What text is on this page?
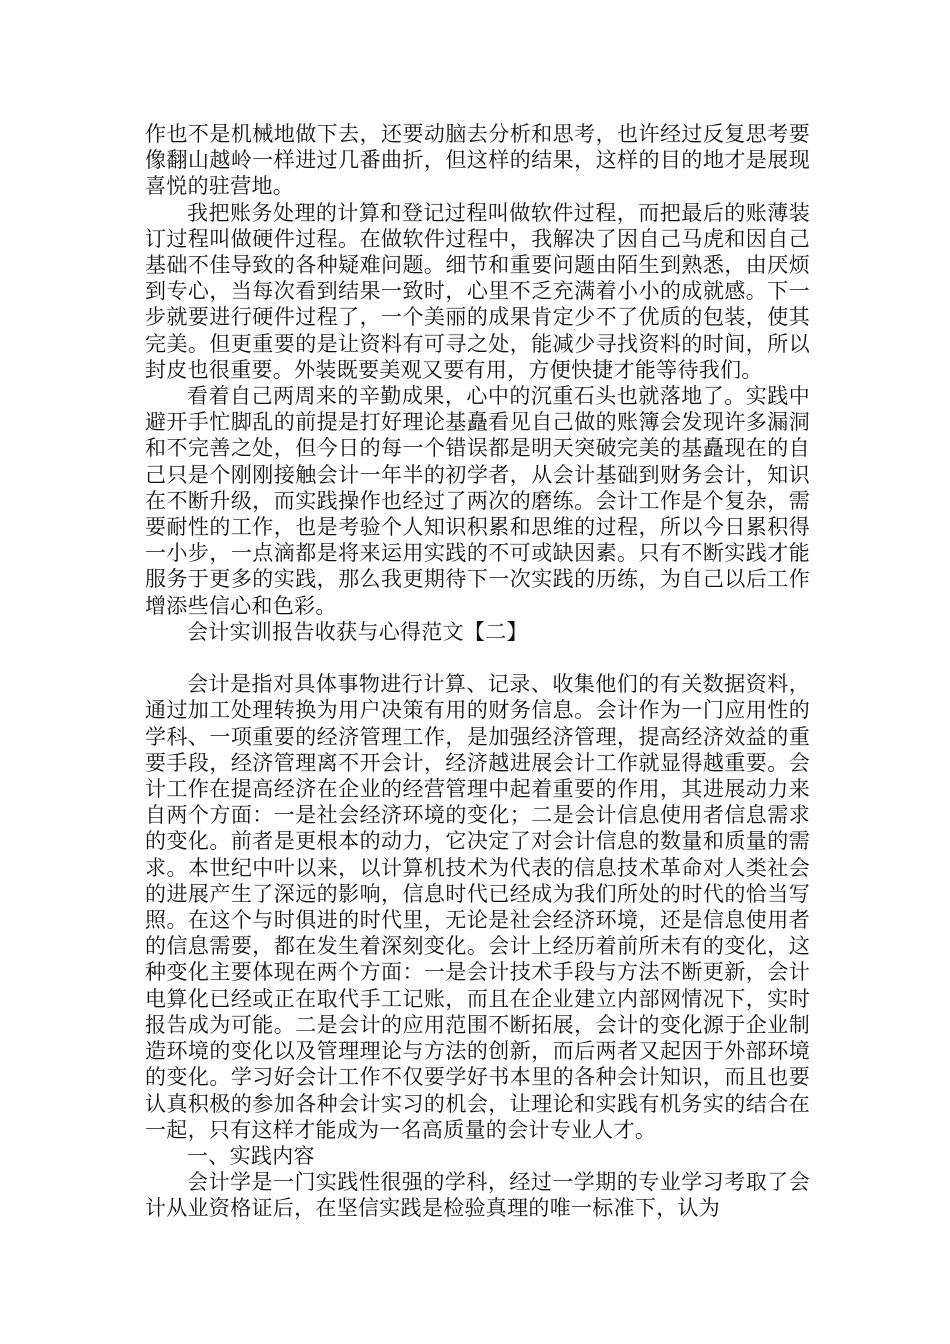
作也不是机械地做下去，还要动脑去分析和思考，也许经过反复思考要像翻山越岭一样进过几番曲折，但这样的结果，这样的目的地才是展现喜悦的驻营地。

我把账务处理的计算和登记过程叫做软件过程，而把最后的账薄装订过程叫做硬件过程。在做软件过程中，我解决了因自己马虎和因自己基础不佳导致的各种疑难问题。细节和重要问题由陌生到熟悉，由厌烦到专心，当每次看到结果一致时，心里不乏充满着小小的成就感。下一步就要进行硬件过程了，一个美丽的成果肯定少不了优质的包装，使其完美。但更重要的是让资料有可寻之处，能减少寻找资料的时间，所以封皮也很重要。外装既要美观又要有用，方便快捷才能等待我们。

看着自己两周来的辛勤成果，心中的沉重石头也就落地了。实践中避开手忙脚乱的前提是打好理论基矗看见自己做的账簿会发现许多漏洞和不完善之处，但今日的每一个错误都是明天突破完美的基矗现在的自己只是个刚刚接触会计一年半的初学者，从会计基础到财务会计，知识在不断升级，而实践操作也经过了两次的磨练。会计工作是个复杂，需要耐性的工作，也是考验个人知识积累和思维的过程，所以今日累积得一小步，一点滴都是将来运用实践的不可或缺因素。只有不断实践才能服务于更多的实践，那么我更期待下一次实践的历练，为自己以后工作增添些信心和色彩。

会计实训报告收获与心得范文【二】

会计是指对具体事物进行计算、记录、收集他们的有关数据资料，通过加工处理转换为用户决策有用的财务信息。会计作为一门应用性的学科、一项重要的经济管理工作，是加强经济管理，提高经济效益的重要手段，经济管理离不开会计，经济越进展会计工作就显得越重要。会计工作在提高经济在企业的经营管理中起着重要的作用，其进展动力来自两个方面：一是社会经济环境的变化；二是会计信息使用者信息需求的变化。前者是更根本的动力，它决定了对会计信息的数量和质量的需求。本世纪中叶以来，以计算机技术为代表的信息技术革命对人类社会的进展产生了深远的影响，信息时代已经成为我们所处的时代的恰当写照。在这个与时俱进的时代里，无论是社会经济环境，还是信息使用者的信息需要，都在发生着深刻变化。会计上经历着前所未有的变化，这种变化主要体现在两个方面：一是会计技术手段与方法不断更新，会计电算化已经或正在取代手工记账，而且在企业建立内部网情况下，实时报告成为可能。二是会计的应用范围不断拓展，会计的变化源于企业制造环境的变化以及管理理论与方法的创新，而后两者又起因于外部环境的变化。学习好会计工作不仅要学好书本里的各种会计知识，而且也要认真积极的参加各种会计实习的机会，让理论和实践有机务实的结合在一起，只有这样才能成为一名高质量的会计专业人才。

一、实践内容

会计学是一门实践性很强的学科，经过一学期的专业学习考取了会计从业资格证后，在坚信实践是检验真理的唯一标准下，认为
